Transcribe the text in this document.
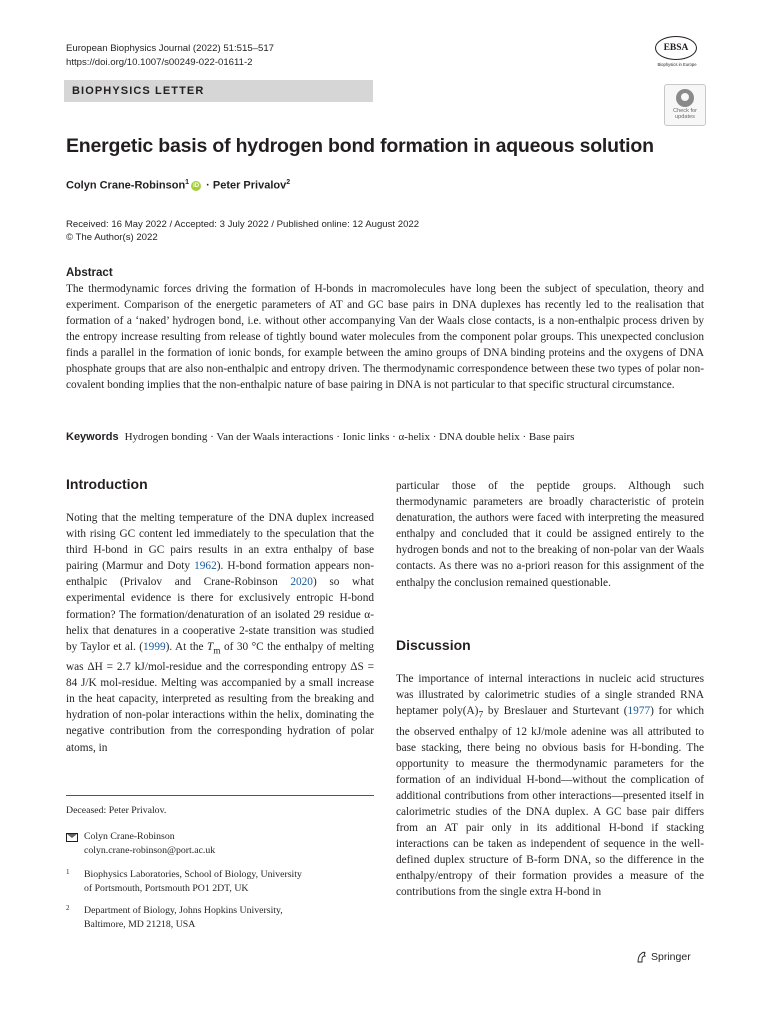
European Biophysics Journal (2022) 51:515–517
https://doi.org/10.1007/s00249-022-01611-2
BIOPHYSICS LETTER
EBSA
Biophysics in Europe
Check for updates
Energetic basis of hydrogen bond formation in aqueous solution
Colyn Crane-Robinson$^1$ iD · Peter Privalov$^2$
Received: 16 May 2022 / Accepted: 3 July 2022 / Published online: 12 August 2022
© The Author(s) 2022
Abstract
The thermodynamic forces driving the formation of H-bonds in macromolecules have long been the subject of speculation, theory and experiment. Comparison of the energetic parameters of AT and GC base pairs in DNA duplexes has recently led to the realisation that formation of a ‘naked’ hydrogen bond, i.e. without other accompanying Van der Waals close contacts, is a non-enthalpic process driven by the entropy increase resulting from release of tightly bound water molecules from the component polar groups. This unexpected conclusion finds a parallel in the formation of ionic bonds, for example between the amino groups of DNA binding proteins and the oxygens of DNA phosphate groups that are also non-enthalpic and entropy driven. The thermodynamic correspondence between these two types of polar non-covalent bonding implies that the non-enthalpic nature of base pairing in DNA is not particular to that specific structural circumstance.
Keywords Hydrogen bonding · Van der Waals interactions · Ionic links · α-helix · DNA double helix · Base pairs
Introduction
Noting that the melting temperature of the DNA duplex increased with rising GC content led immediately to the speculation that the third H-bond in GC pairs results in an extra enthalpy of base pairing (Marmur and Doty 1962). H-bond formation appears non-enthalpic (Privalov and Crane-Robinson 2020) so what experimental evidence is there for exclusively entropic H-bond formation? The formation/denaturation of an isolated 29 residue α-helix that denatures in a cooperative 2-state transition was studied by Taylor et al. (1999). At the $T_m$ of 30 °C the enthalpy of melting was ΔH = 2.7 kJ/mol-residue and the corresponding entropy ΔS = 84 J/K mol-residue. Melting was accompanied by a small increase in the heat capacity, interpreted as resulting from the breaking and hydration of non-polar interactions within the helix, dominating the negative contribution from the corresponding hydration of polar atoms, in
particular those of the peptide groups. Although such thermodynamic parameters are broadly characteristic of protein denaturation, the authors were faced with interpreting the measured enthalpy and concluded that it could be assigned entirely to the hydrogen bonds and not to the breaking of non-polar van der Waals contacts. As there was no a-priori reason for this assignment of the enthalpy the conclusion remained questionable.
Discussion
The importance of internal interactions in nucleic acid structures was illustrated by calorimetric studies of a single stranded RNA heptamer $poly(A)_7$ by Breslauer and Sturtevant (1977) for which the observed enthalpy of 12 kJ/mole adenine was all attributed to base stacking, there being no obvious basis for H-bonding. The opportunity to measure the thermodynamic parameters for the formation of an individual H-bond—without the complication of additional contributions from other interactions—presented itself in calorimetric studies of the DNA duplex. A GC base pair differs from an AT pair only in its additional H-bond if stacking interactions can be taken as independent of sequence in the well-defined duplex structure of B-form DNA, so the difference in the enthalpy/entropy of their formation provides a measure of the contributions from the single extra H-bond in
Deceased: Peter Privalov.
Colyn Crane-Robinson
colyn.crane-robinson@port.ac.uk
1 Biophysics Laboratories, School of Biology, University
of Portsmouth, Portsmouth PO1 2DT, UK
2 Department of Biology, Johns Hopkins University,
Baltimore, MD 21218, USA
Springer
